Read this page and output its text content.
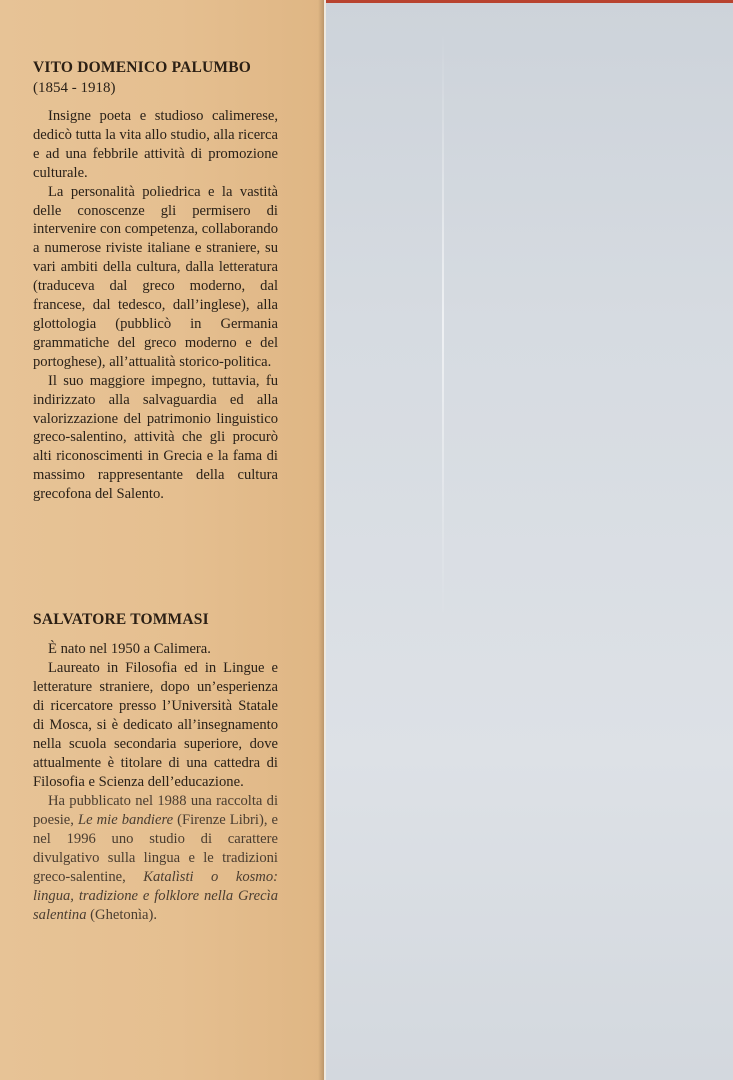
VITO DOMENICO PALUMBO
(1854 - 1918)

Insigne poeta e studioso calimerese, dedicò tutta la vita allo studio, alla ricerca e ad una febbrile attività di promozione culturale.

La personalità poliedrica e la vastità delle conoscenze gli permisero di intervenire con competenza, collaborando a numerose riviste italiane e straniere, su vari ambiti della cultura, dalla letteratura (traduceva dal greco moderno, dal francese, dal tedesco, dall’inglese), alla glottologia (pubblicò in Germania grammatiche del greco moderno e del portoghese), all’attualità storico-politica.

Il suo maggiore impegno, tuttavia, fu indirizzato alla salvaguardia ed alla valorizzazione del patrimonio linguistico greco-salentino, attività che gli procurò alti riconoscimenti in Grecia e la fama di massimo rappresentante della cultura grecofona del Salento.

SALVATORE TOMMASI

È nato nel 1950 a Calimera.

Laureato in Filosofia ed in Lingue e letterature straniere, dopo un’esperienza di ricercatore presso l’Università Statale di Mosca, si è dedicato all’insegnamento nella scuola secondaria superiore, dove attualmente è titolare di una cattedra di Filosofia e Scienza dell’educazione.

Ha pubblicato nel 1988 una raccolta di poesie, Le mie bandiere (Firenze Libri), e nel 1996 uno studio di carattere divulgativo sulla lingua e le tradizioni greco-salentine, Katalìsti o kosmo: lingua, tradizione e folklore nella Grecìa salentina (Ghetonìa).
